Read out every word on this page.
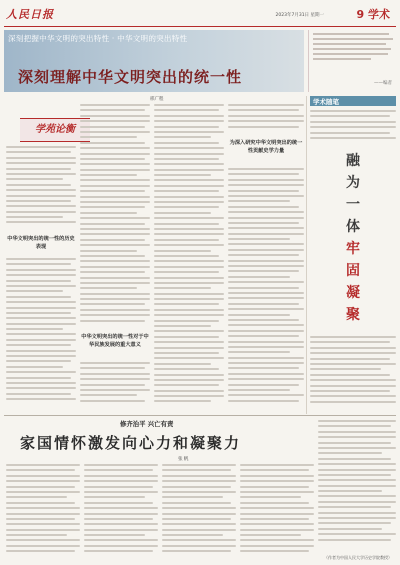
人民日报	2023年7月31日 星期一	9 学术
深刻把握中华文明的突出特性 · 中华文明的突出特性
深刻理解中华文明突出的统一性	——编者
邢广程
学苑论衡
中华文明突出的统一性的历史表现
中华文明突出的统一性对于中华民族发展的重大意义
为深入研究中华文明突出的统一性贡献史学力量
学术随笔
融
为
一
体
牢
固
凝
聚
修齐治平 兴亡有责
家国情怀激发向心力和凝聚力
张 帆
（作者为中国人民大学历史学院教授）
